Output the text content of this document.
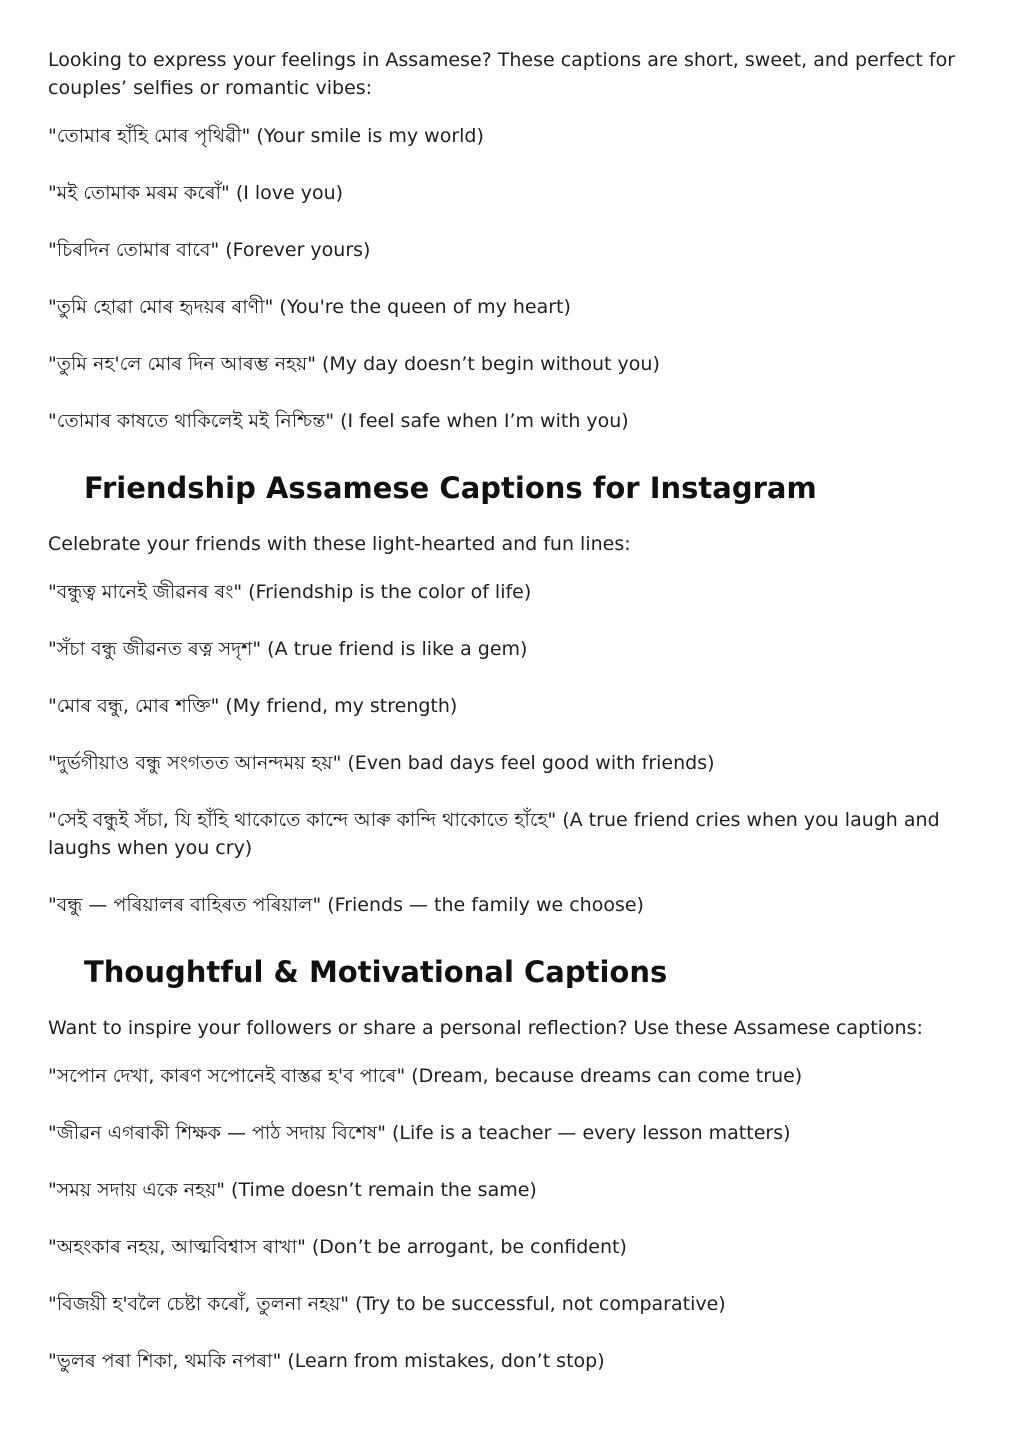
Looking to express your feelings in Assamese? These captions are short, sweet, and perfect for couples’ selfies or romantic vibes:

"তোমাৰ হাঁহি মোৰ পৃথিৱী" (Your smile is my world)

"মই তোমাক মৰম কৰোঁ" (I love you)

"চিৰদিন তোমাৰ বাবে" (Forever yours)

"তুমি হোৱা মোৰ হৃদয়ৰ ৰাণী" (You're the queen of my heart)

"তুমি নহ'লে মোৰ দিন আৰম্ভ নহয়" (My day doesn’t begin without you)

"তোমাৰ কাষতে থাকিলেই মই নিশ্চিন্ত" (I feel safe when I’m with you)

Friendship Assamese Captions for Instagram

Celebrate your friends with these light-hearted and fun lines:

"বন্ধুত্ব মানেই জীৱনৰ ৰং" (Friendship is the color of life)

"সঁচা বন্ধু জীৱনত ৰত্ন সদৃশ" (A true friend is like a gem)

"মোৰ বন্ধু, মোৰ শক্তি" (My friend, my strength)

"দুৰ্ভগীয়াও বন্ধু সংগতত আনন্দময় হয়" (Even bad days feel good with friends)

"সেই বন্ধুই সঁচা, যি হাঁহি থাকোতে কান্দে আৰু কান্দি থাকোতে হাঁহে" (A true friend cries when you laugh and laughs when you cry)

"বন্ধু — পৰিয়ালৰ বাহিৰত পৰিয়াল" (Friends — the family we choose)

Thoughtful & Motivational Captions

Want to inspire your followers or share a personal reflection? Use these Assamese captions:

"সপোন দেখা, কাৰণ সপোনেই বাস্তৱ হ'ব পাৰে" (Dream, because dreams can come true)

"জীৱন এগৰাকী শিক্ষক — পাঠ সদায় বিশেষ" (Life is a teacher — every lesson matters)

"সময় সদায় একে নহয়" (Time doesn’t remain the same)

"অহংকাৰ নহয়, আত্মবিশ্বাস ৰাখা" (Don’t be arrogant, be confident)

"বিজয়ী হ'বলৈ চেষ্টা কৰোঁ, তুলনা নহয়" (Try to be successful, not comparative)

"ভুলৰ পৰা শিকা, থমকি নপৰা" (Learn from mistakes, don’t stop)
